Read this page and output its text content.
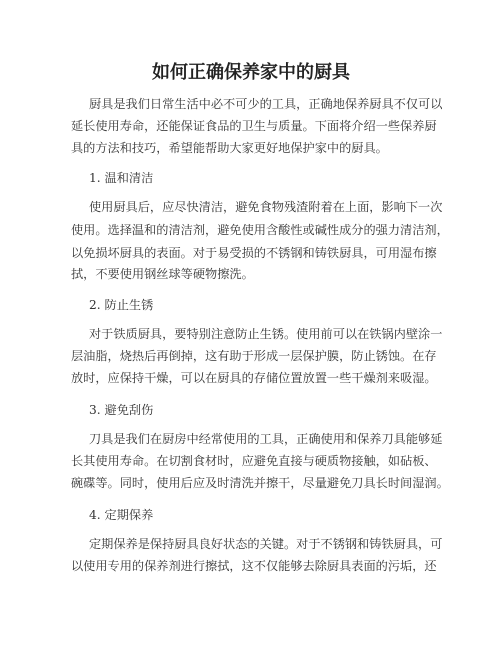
如何正确保养家中的厨具

厨具是我们日常生活中必不可少的工具，正确地保养厨具不仅可以

延长使用寿命，还能保证食品的卫生与质量。下面将介绍一些保养厨

具的方法和技巧，希望能帮助大家更好地保护家中的厨具。

1. 温和清洁

使用厨具后，应尽快清洁，避免食物残渣附着在上面，影响下一次

使用。选择温和的清洁剂，避免使用含酸性或碱性成分的强力清洁剂，

以免损坏厨具的表面。对于易受损的不锈钢和铸铁厨具，可用湿布擦

拭，不要使用钢丝球等硬物擦洗。

2. 防止生锈

对于铁质厨具，要特别注意防止生锈。使用前可以在铁锅内壁涂一

层油脂，烧热后再倒掉，这有助于形成一层保护膜，防止锈蚀。在存

放时，应保持干燥，可以在厨具的存储位置放置一些干燥剂来吸湿。

3. 避免刮伤

刀具是我们在厨房中经常使用的工具，正确使用和保养刀具能够延

长其使用寿命。在切割食材时，应避免直接与硬质物接触，如砧板、

碗碟等。同时，使用后应及时清洗并擦干，尽量避免刀具长时间湿润。

4. 定期保养

定期保养是保持厨具良好状态的关键。对于不锈钢和铸铁厨具，可

以使用专用的保养剂进行擦拭，这不仅能够去除厨具表面的污垢，还
